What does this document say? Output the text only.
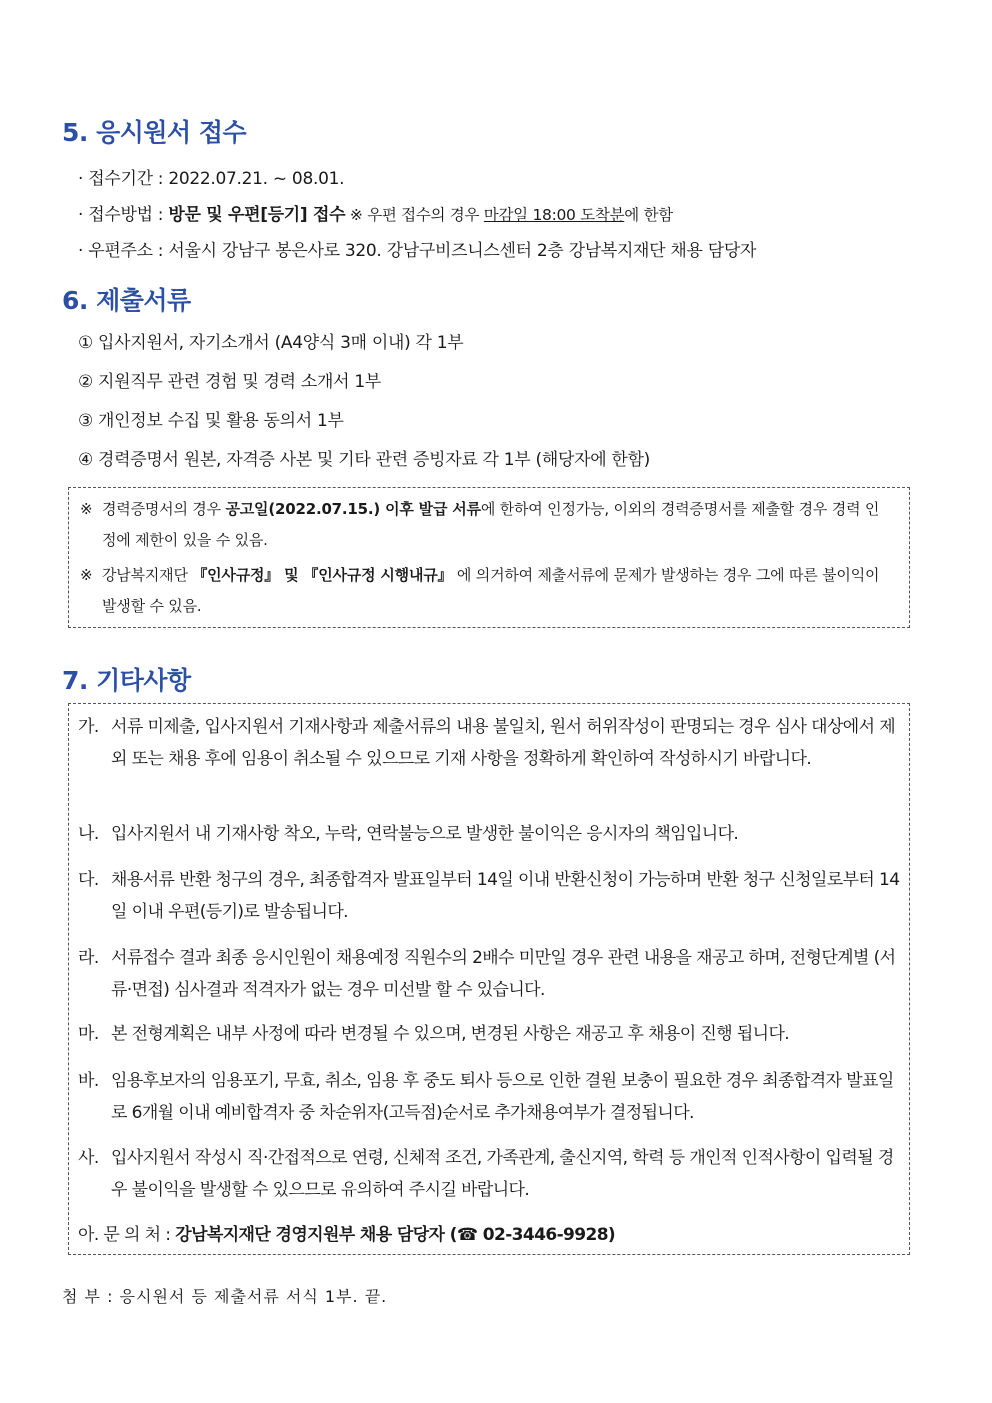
5. 응시원서 접수
· 접수기간 : 2022.07.21. ~ 08.01.
· 접수방법 : 방문 및 우편[등기] 접수 ※ 우편 접수의 경우 마감일 18:00 도착분에 한함
· 우편주소 : 서울시 강남구 봉은사로 320. 강남구비즈니스센터 2층 강남복지재단 채용 담당자
6. 제출서류
① 입사지원서, 자기소개서 (A4양식 3매 이내) 각 1부
② 지원직무 관련 경험 및 경력 소개서 1부
③ 개인정보 수집 및 활용 동의서 1부
④ 경력증명서 원본, 자격증 사본 및 기타 관련 증빙자료 각 1부 (해당자에 한함)
※ 경력증명서의 경우 공고일(2022.07.15.) 이후 발급 서류에 한하여 인정가능, 이외의 경력증명서를 제출할 경우 경력 인정에 제한이 있을 수 있음.
※ 강남복지재단 『인사규정』 및 『인사규정 시행내규』 에 의거하여 제출서류에 문제가 발생하는 경우 그에 따른 불이익이 발생할 수 있음.
7. 기타사항
가. 서류 미제출, 입사지원서 기재사항과 제출서류의 내용 불일치, 원서 허위작성이 판명되는 경우 심사 대상에서 제외 또는 채용 후에 임용이 취소될 수 있으므로 기재 사항을 정확하게 확인하여 작성하시기 바랍니다.
나. 입사지원서 내 기재사항 착오, 누락, 연락불능으로 발생한 불이익은 응시자의 책임입니다.
다. 채용서류 반환 청구의 경우, 최종합격자 발표일부터 14일 이내 반환신청이 가능하며 반환 청구 신청일로부터 14일 이내 우편(등기)로 발송됩니다.
라. 서류접수 결과 최종 응시인원이 채용예정 직원수의 2배수 미만일 경우 관련 내용을 재공고 하며, 전형단계별 (서류·면접) 심사결과 적격자가 없는 경우 미선발 할 수 있습니다.
마. 본 전형계획은 내부 사정에 따라 변경될 수 있으며, 변경된 사항은 재공고 후 채용이 진행 됩니다.
바. 임용후보자의 임용포기, 무효, 취소, 임용 후 중도 퇴사 등으로 인한 결원 보충이 필요한 경우 최종합격자 발표일로 6개월 이내 예비합격자 중 차순위자(고득점)순서로 추가채용여부가 결정됩니다.
사. 입사지원서 작성시 직·간접적으로 연령, 신체적 조건, 가족관계, 출신지역, 학력 등 개인적 인적사항이 입력될 경우 불이익을 발생할 수 있으므로 유의하여 주시길 바랍니다.
아. 문 의 처 : 강남복지재단 경영지원부 채용 담당자 (☎ 02-3446-9928)
첨 부 : 응시원서 등 제출서류 서식 1부. 끝.
